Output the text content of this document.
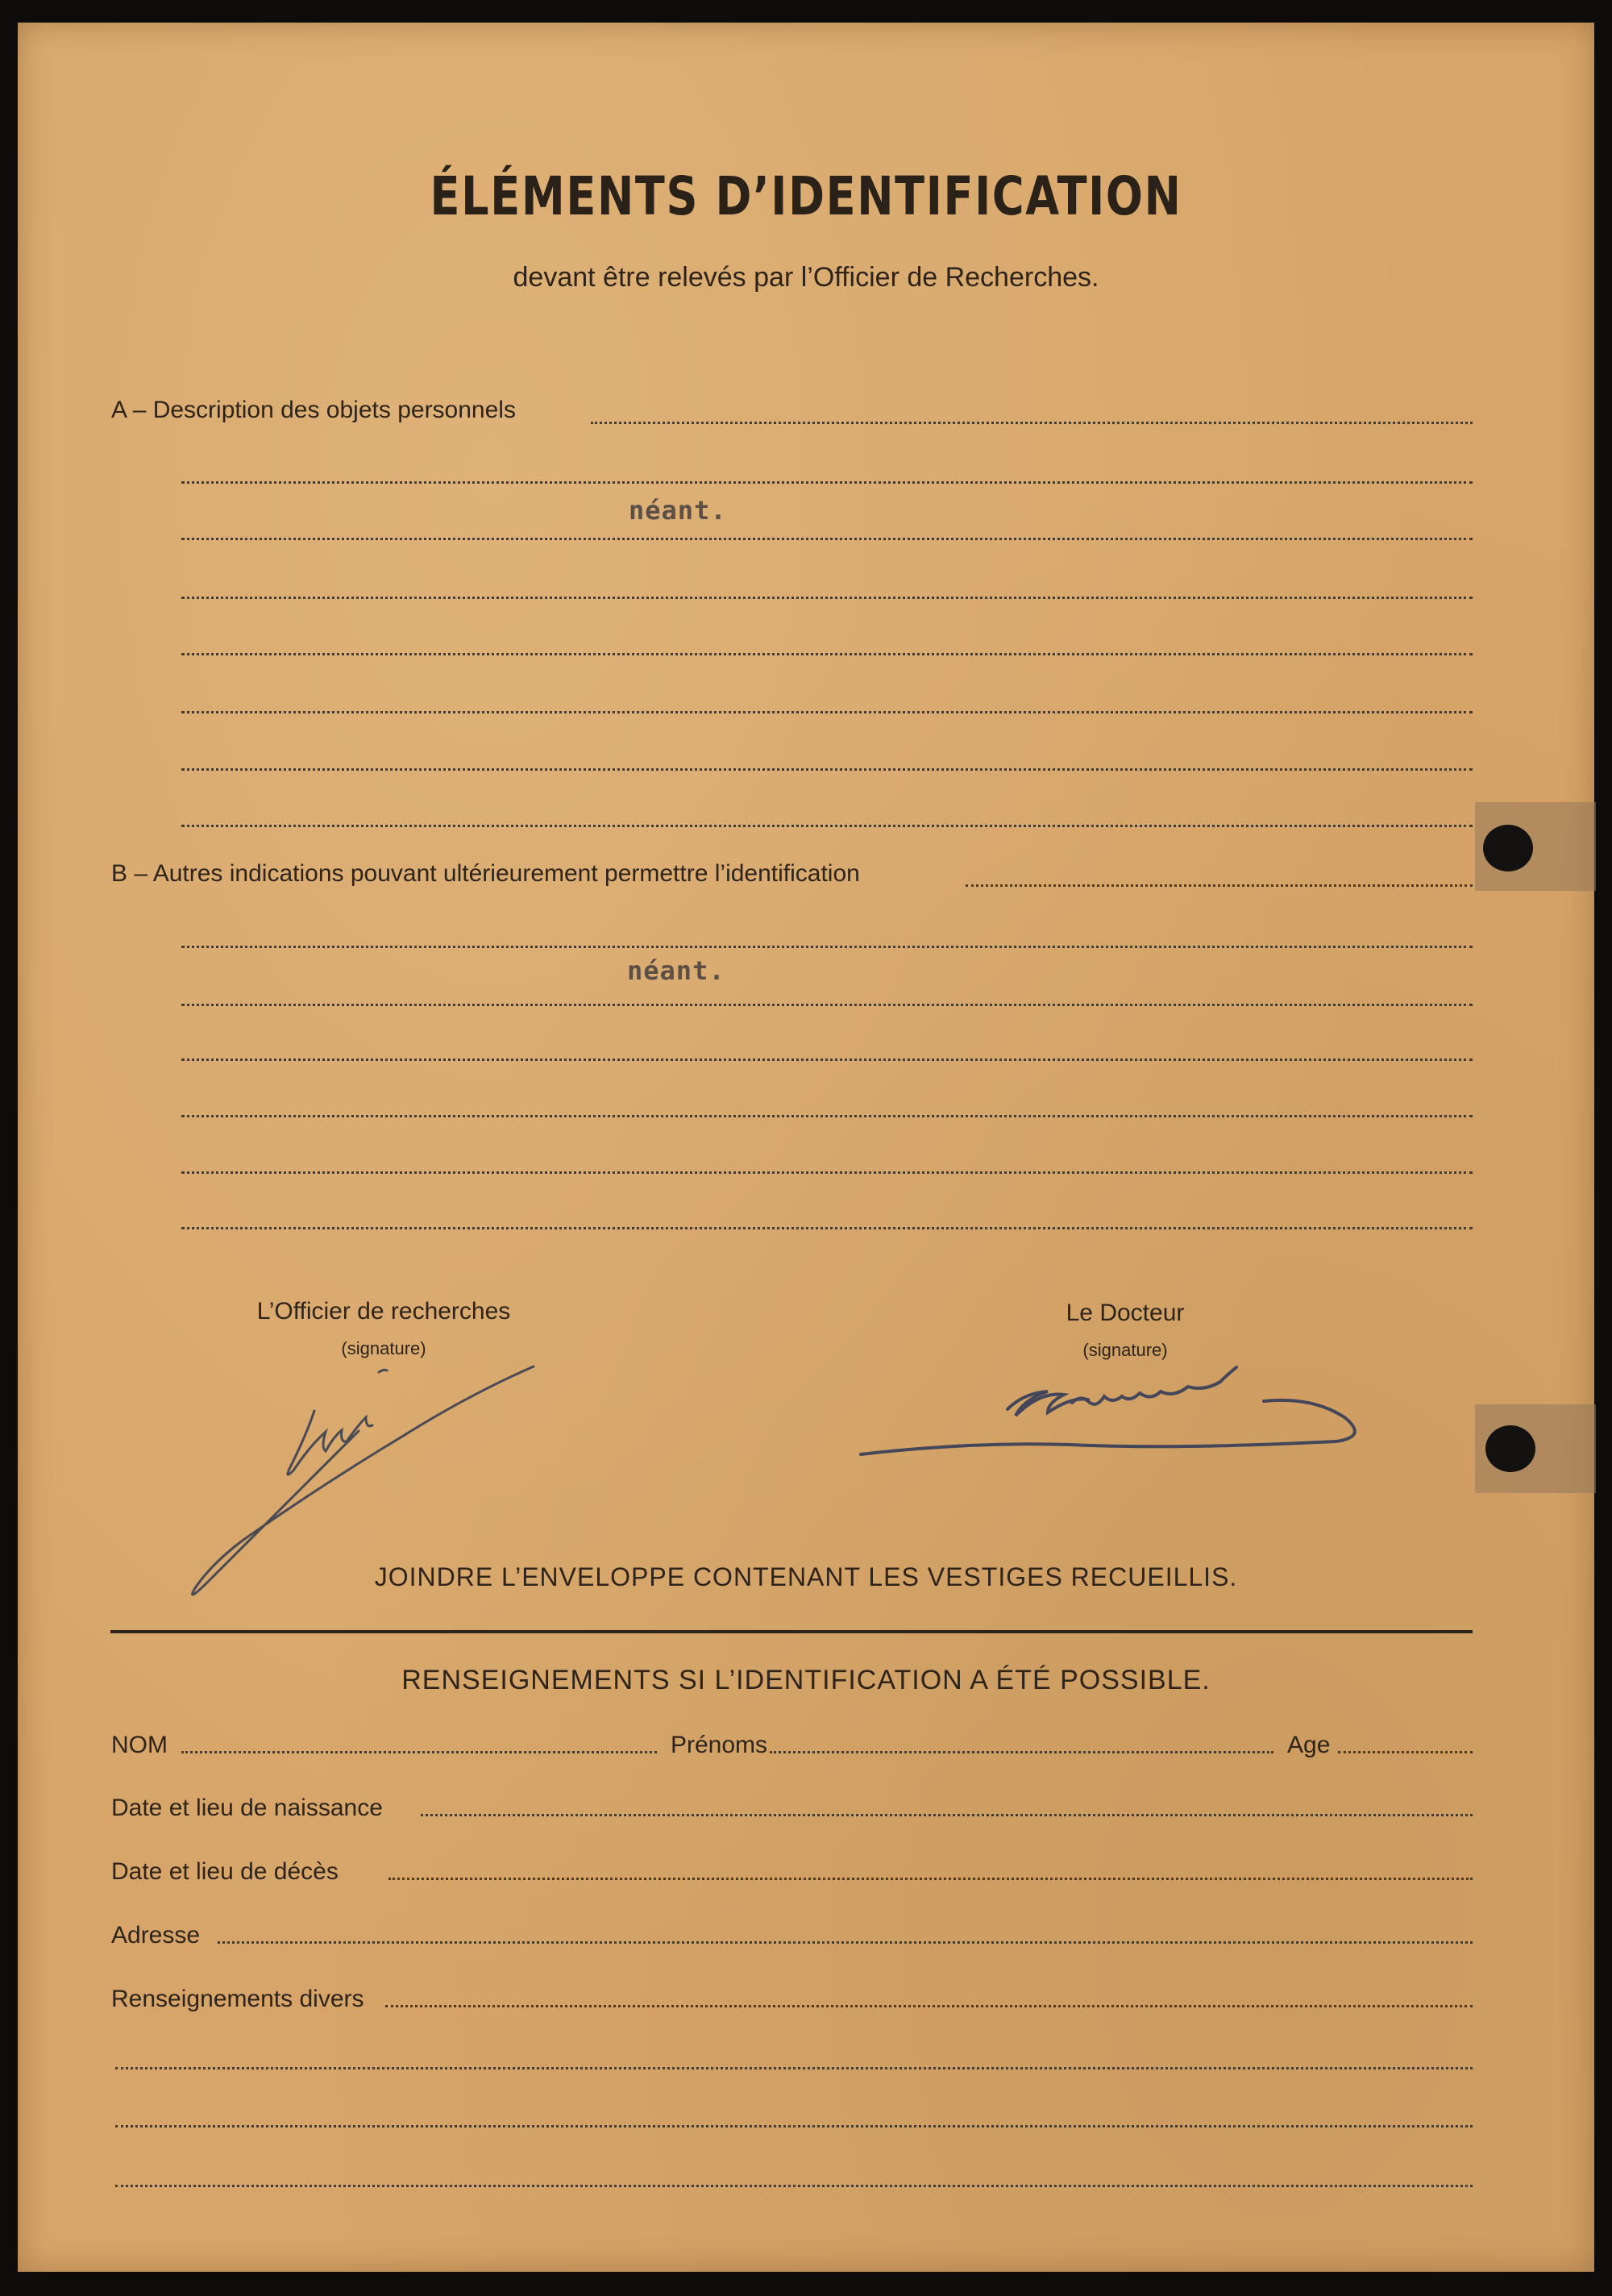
ÉLÉMENTS D’IDENTIFICATION
devant être relevés par l’Officier de Recherches.
A – Description des objets personnels
néant.
B – Autres indications pouvant ultérieurement permettre l’identification
néant.
L’Officier de recherches
(signature)
Le Docteur
(signature)
JOINDRE L’ENVELOPPE CONTENANT LES VESTIGES RECUEILLIS.
RENSEIGNEMENTS SI L’IDENTIFICATION A ÉTÉ POSSIBLE.
NOM	Prénoms	Age
Date et lieu de naissance
Date et lieu de décès
Adresse
Renseignements divers
